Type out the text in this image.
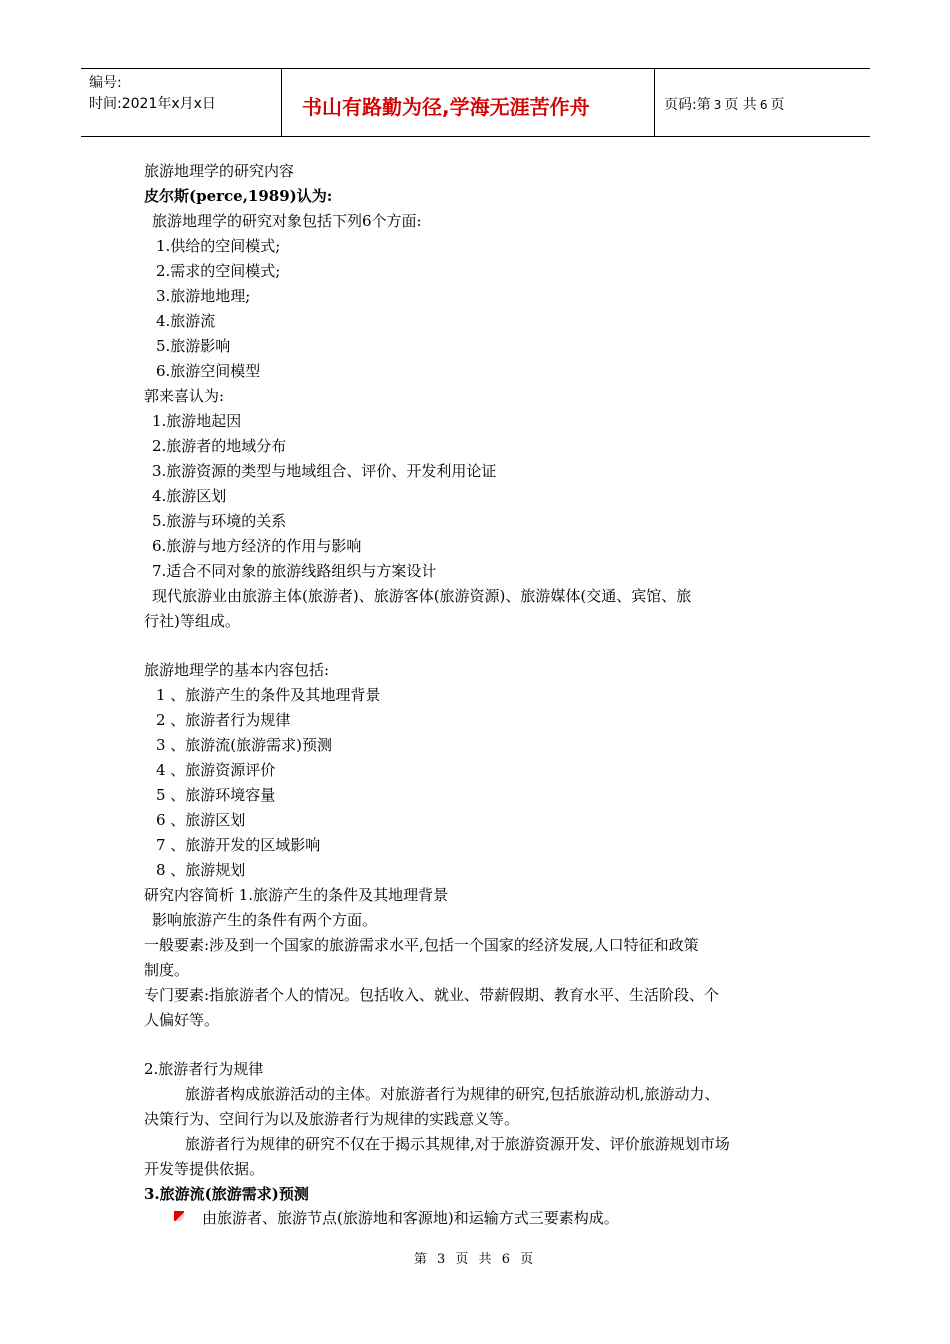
编号:
时间:2021年x月x日	书山有路勤为径,学海无涯苦作舟	页码:第 3 页 共 6 页
旅游地理学的研究内容
皮尔斯(perce,1989)认为:
旅游地理学的研究对象包括下列6个方面:
1.供给的空间模式;
2.需求的空间模式;
3.旅游地地理;
4.旅游流
5.旅游影响
6.旅游空间模型
郭来喜认为:
1.旅游地起因
2.旅游者的地域分布
3.旅游资源的类型与地域组合、评价、开发利用论证
4.旅游区划
5.旅游与环境的关系
6.旅游与地方经济的作用与影响
7.适合不同对象的旅游线路组织与方案设计
现代旅游业由旅游主体(旅游者)、旅游客体(旅游资源)、旅游媒体(交通、宾馆、旅
行社)等组成。
旅游地理学的基本内容包括:
1 、旅游产生的条件及其地理背景
2 、旅游者行为规律
3 、旅游流(旅游需求)预测
4 、旅游资源评价
5 、旅游环境容量
6 、旅游区划
7 、旅游开发的区域影响
8 、旅游规划
研究内容简析 1.旅游产生的条件及其地理背景
影响旅游产生的条件有两个方面。
一般要素:涉及到一个国家的旅游需求水平,包括一个国家的经济发展,人口特征和政策
制度。
专门要素:指旅游者个人的情况。包括收入、就业、带薪假期、教育水平、生活阶段、个
人偏好等。
2.旅游者行为规律
旅游者构成旅游活动的主体。对旅游者行为规律的研究,包括旅游动机,旅游动力、
决策行为、空间行为以及旅游者行为规律的实践意义等。
旅游者行为规律的研究不仅在于揭示其规律,对于旅游资源开发、评价旅游规划市场
开发等提供依据。
3.旅游流(旅游需求)预测
由旅游者、旅游节点(旅游地和客源地)和运输方式三要素构成。
第 3 页 共 6 页
